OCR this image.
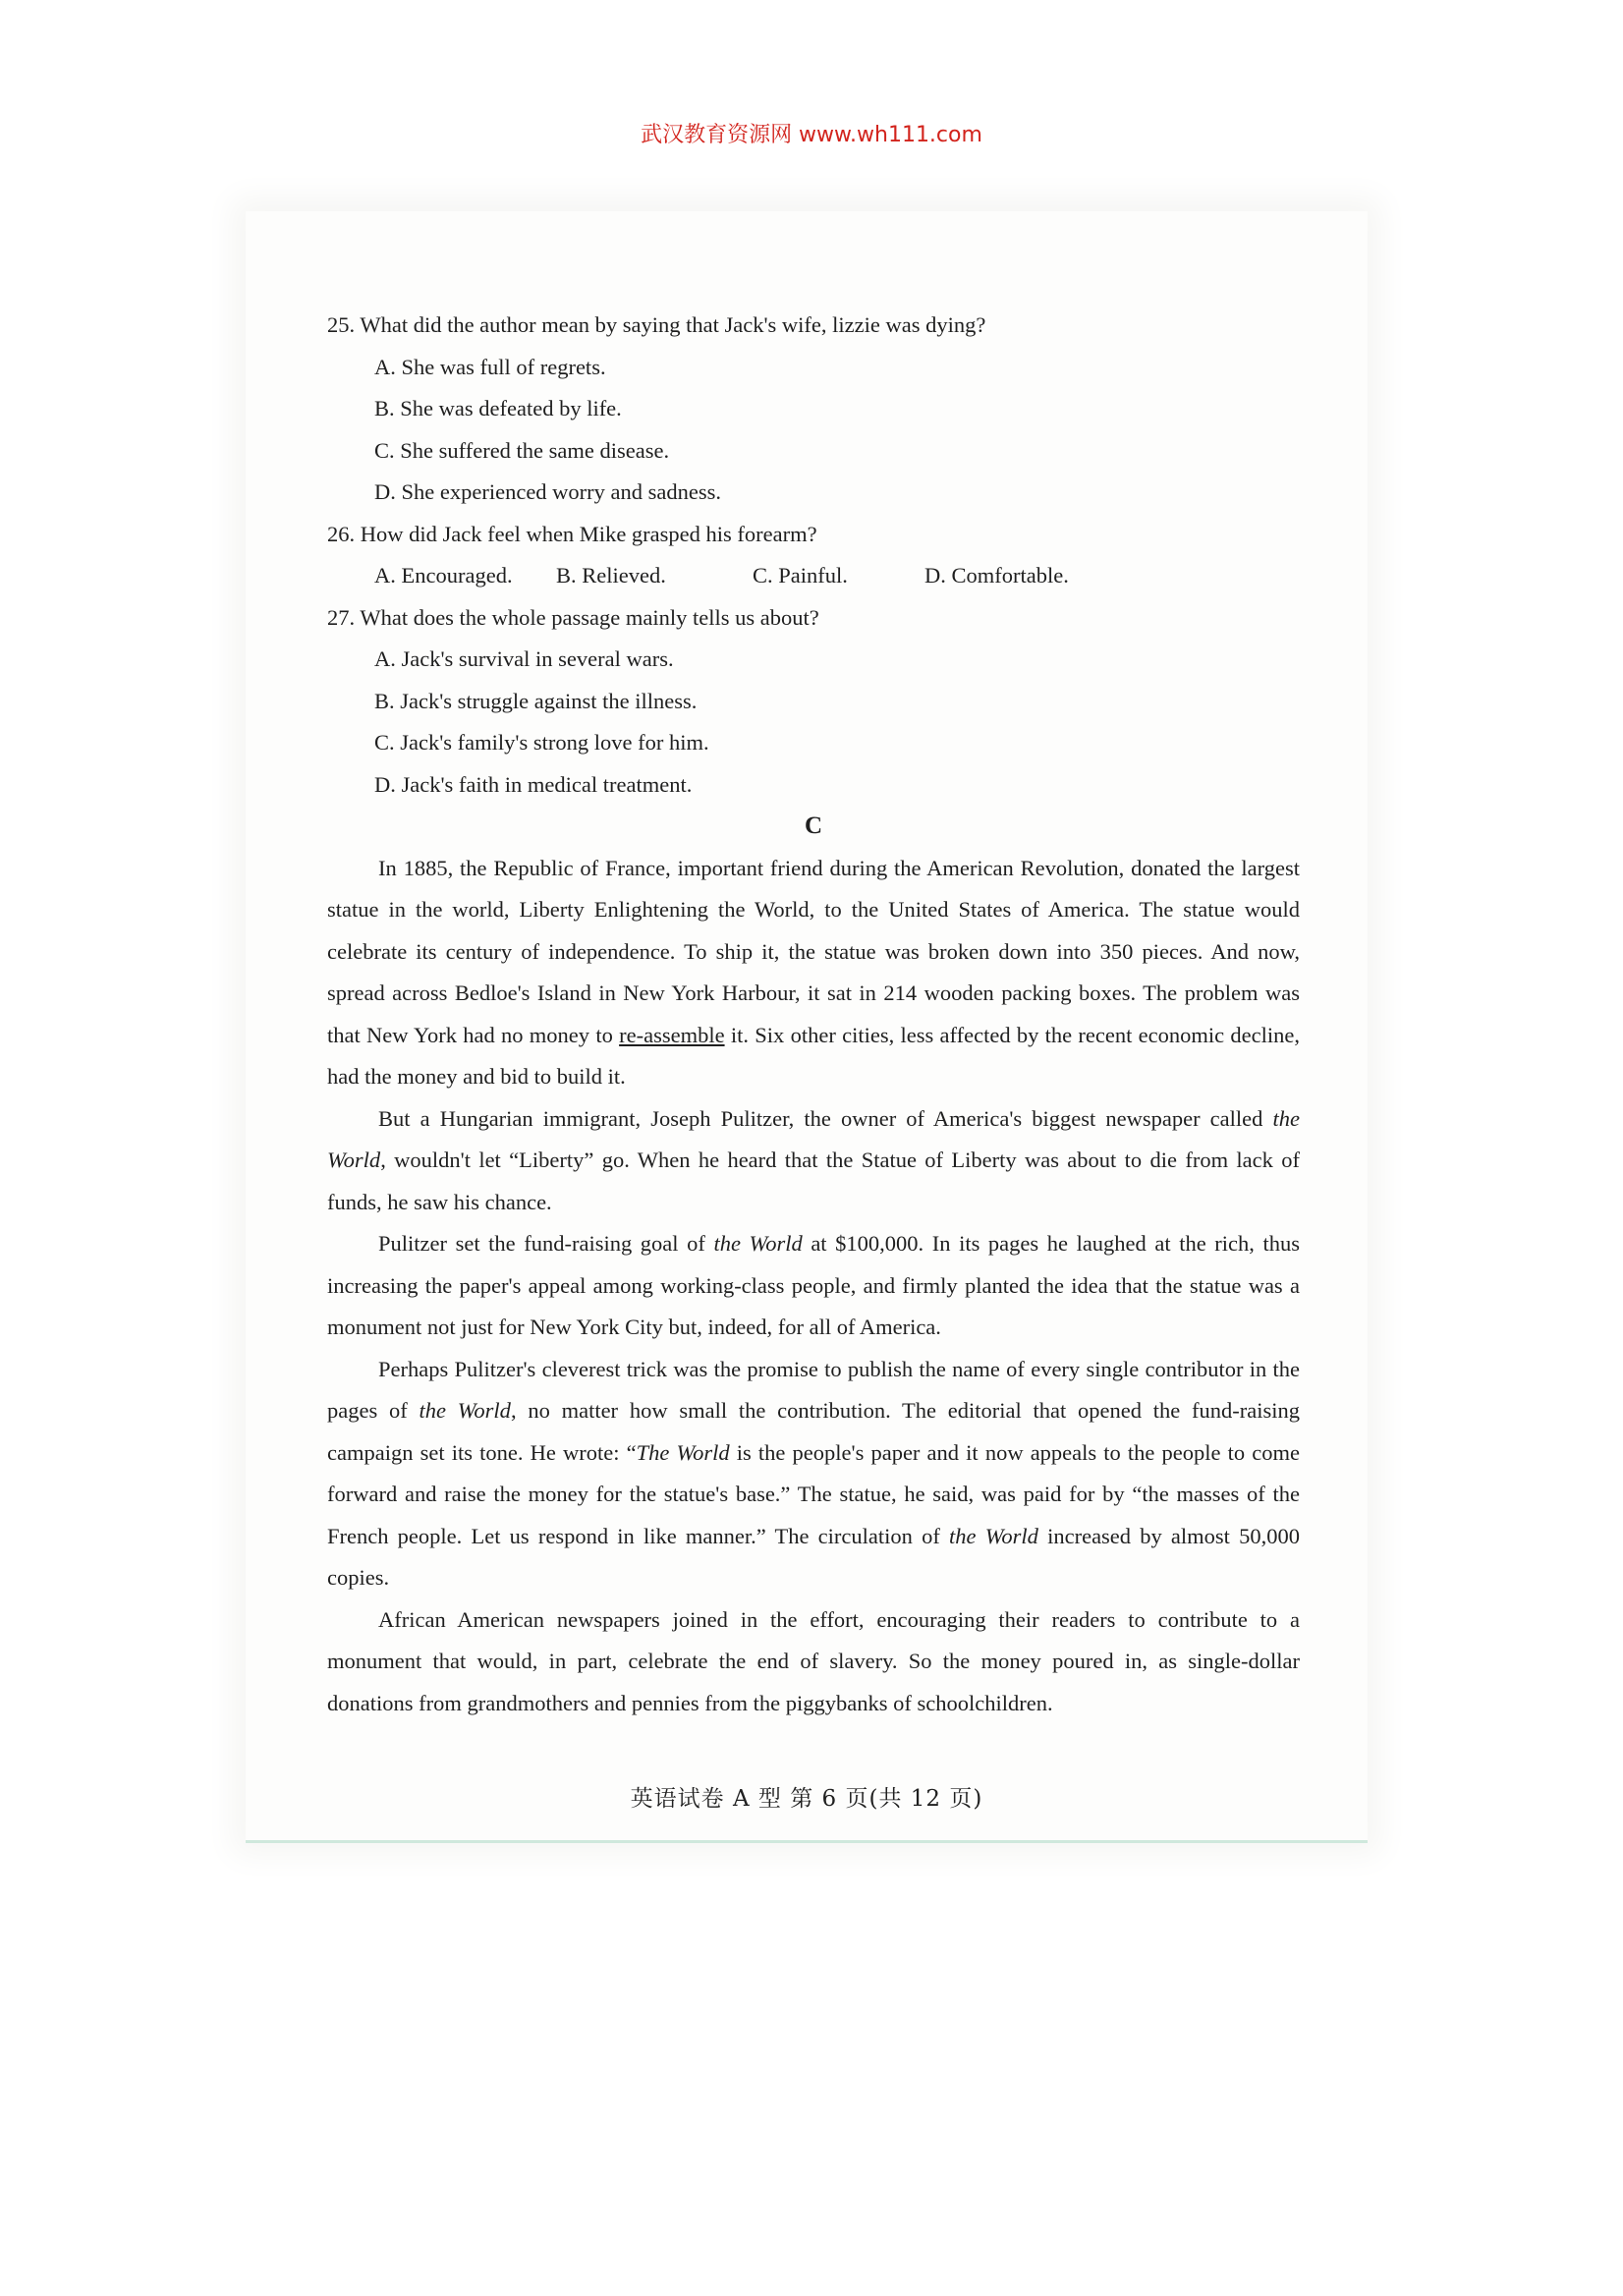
武汉教育资源网 www.wh111.com
25. What did the author mean by saying that Jack's wife, lizzie was dying?
A. She was full of regrets.
B. She was defeated by life.
C. She suffered the same disease.
D. She experienced worry and sadness.
26. How did Jack feel when Mike grasped his forearm?
A. Encouraged.	B. Relieved.	C. Painful.	D. Comfortable.
27. What does the whole passage mainly tells us about?
A. Jack's survival in several wars.
B. Jack's struggle against the illness.
C. Jack's family's strong love for him.
D. Jack's faith in medical treatment.
C

In 1885, the Republic of France, important friend during the American Revolution, donated the largest statue in the world, Liberty Enlightening the World, to the United States of America. The statue would celebrate its century of independence. To ship it, the statue was broken down into 350 pieces. And now, spread across Bedloe's Island in New York Harbour, it sat in 214 wooden packing boxes. The problem was that New York had no money to re-assemble it. Six other cities, less affected by the recent economic decline, had the money and bid to build it.

But a Hungarian immigrant, Joseph Pulitzer, the owner of America's biggest newspaper called the World, wouldn't let “Liberty” go. When he heard that the Statue of Liberty was about to die from lack of funds, he saw his chance.

Pulitzer set the fund-raising goal of the World at $100,000. In its pages he laughed at the rich, thus increasing the paper's appeal among working-class people, and firmly planted the idea that the statue was a monument not just for New York City but, indeed, for all of America.

Perhaps Pulitzer's cleverest trick was the promise to publish the name of every single contributor in the pages of the World, no matter how small the contribution. The editorial that opened the fund-raising campaign set its tone. He wrote: “The World is the people's paper and it now appeals to the people to come forward and raise the money for the statue's base.” The statue, he said, was paid for by “the masses of the French people. Let us respond in like manner.” The circulation of the World increased by almost 50,000 copies.

African American newspapers joined in the effort, encouraging their readers to contribute to a monument that would, in part, celebrate the end of slavery. So the money poured in, as single-dollar donations from grandmothers and pennies from the piggybanks of schoolchildren.

英语试卷 A 型 第 6 页(共 12 页)
